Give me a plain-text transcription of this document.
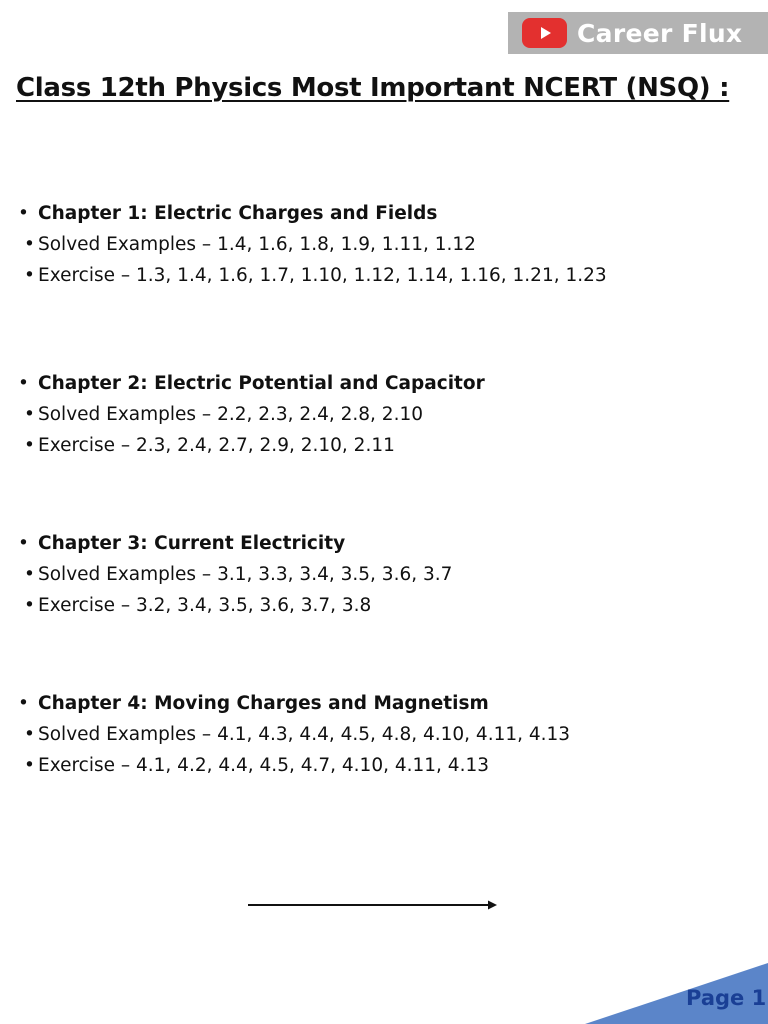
Career Flux
Class 12th Physics Most Important NCERT (NSQ) :
• Chapter 1: Electric Charges and Fields
• Solved Examples – 1.4, 1.6, 1.8, 1.9, 1.11, 1.12
• Exercise – 1.3, 1.4, 1.6, 1.7, 1.10, 1.12, 1.14, 1.16, 1.21, 1.23
• Chapter 2: Electric Potential and Capacitor
• Solved Examples – 2.2, 2.3, 2.4, 2.8, 2.10
• Exercise – 2.3, 2.4, 2.7, 2.9, 2.10, 2.11
• Chapter 3: Current Electricity
• Solved Examples – 3.1, 3.3, 3.4, 3.5, 3.6, 3.7
• Exercise – 3.2, 3.4, 3.5, 3.6, 3.7, 3.8
• Chapter 4: Moving Charges and Magnetism
• Solved Examples – 4.1, 4.3, 4.4, 4.5, 4.8, 4.10, 4.11, 4.13
• Exercise – 4.1, 4.2, 4.4, 4.5, 4.7, 4.10, 4.11, 4.13
Page 1
